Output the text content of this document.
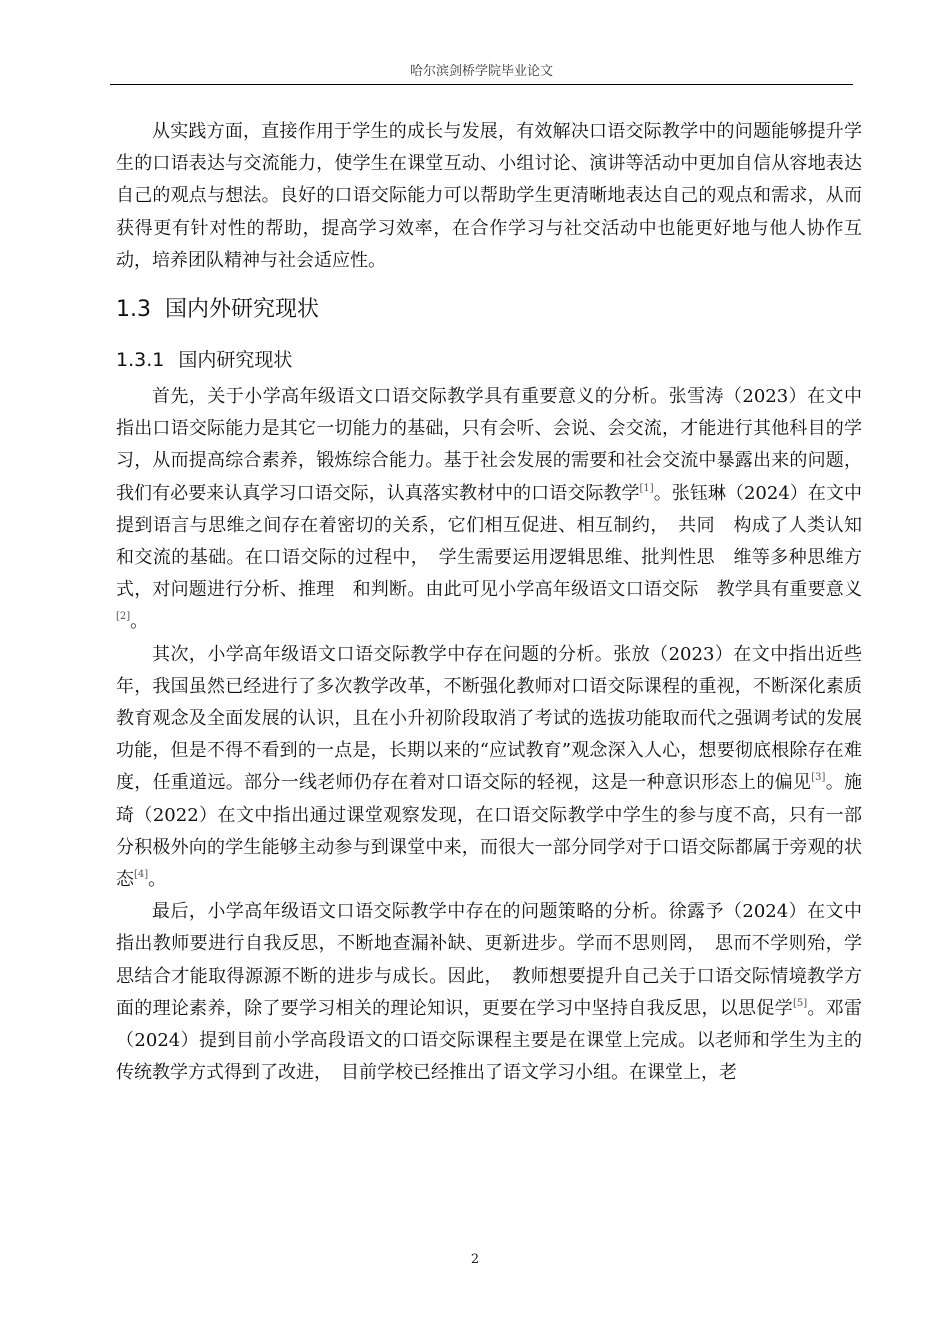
哈尔滨剑桥学院毕业论文

从实践方面，直接作用于学生的成长与发展，有效解决口语交际教学中的问题能够提升学生的口语表达与交流能力，使学生在课堂互动、小组讨论、演讲等活动中更加自信从容地表达自己的观点与想法。良好的口语交际能力可以帮助学生更清晰地表达自己的观点和需求，从而获得更有针对性的帮助，提高学习效率，在合作学习与社交活动中也能更好地与他人协作互动，培养团队精神与社会适应性。

1.3 国内外研究现状
1.3.1 国内研究现状

首先，关于小学高年级语文口语交际教学具有重要意义的分析。张雪涛（2023）在文中指出口语交际能力是其它一切能力的基础，只有会听、会说、会交流，才能进行其他科目的学习，从而提高综合素养，锻炼综合能力。基于社会发展的需要和社会交流中暴露出来的问题，我们有必要来认真学习口语交际，认真落实教材中的口语交际教学[1]。张钰琳（2024）在文中提到语言与思维之间存在着密切的关系，它们相互促进、相互制约，　共同　构成了人类认知和交流的基础。在口语交际的过程中，　学生需要运用逻辑思维、批判性思　维等多种思维方式，对问题进行分析、推理　和判断。由此可见小学高年级语文口语交际　教学具有重要意义[2]。

其次，小学高年级语文口语交际教学中存在问题的分析。张放（2023）在文中指出近些年，我国虽然已经进行了多次教学改革，不断强化教师对口语交际课程的重视，不断深化素质教育观念及全面发展的认识，且在小升初阶段取消了考试的选拔功能取而代之强调考试的发展功能，但是不得不看到的一点是，长期以来的“应试教育”观念深入人心，想要彻底根除存在难度，任重道远。部分一线老师仍存在着对口语交际的轻视，这是一种意识形态上的偏见[3]。施琦（2022）在文中指出通过课堂观察发现，在口语交际教学中学生的参与度不高，只有一部分积极外向的学生能够主动参与到课堂中来，而很大一部分同学对于口语交际都属于旁观的状态[4]。

最后，小学高年级语文口语交际教学中存在的问题策略的分析。徐露予（2024）在文中指出教师要进行自我反思，不断地查漏补缺、更新进步。学而不思则罔，　思而不学则殆，学思结合才能取得源源不断的进步与成长。因此，　教师想要提升自己关于口语交际情境教学方面的理论素养，除了要学习相关的理论知识，更要在学习中坚持自我反思，以思促学[5]。邓雷（2024）提到目前小学高段语文的口语交际课程主要是在课堂上完成。以老师和学生为主的传统教学方式得到了改进，　目前学校已经推出了语文学习小组。在课堂上，老

2
